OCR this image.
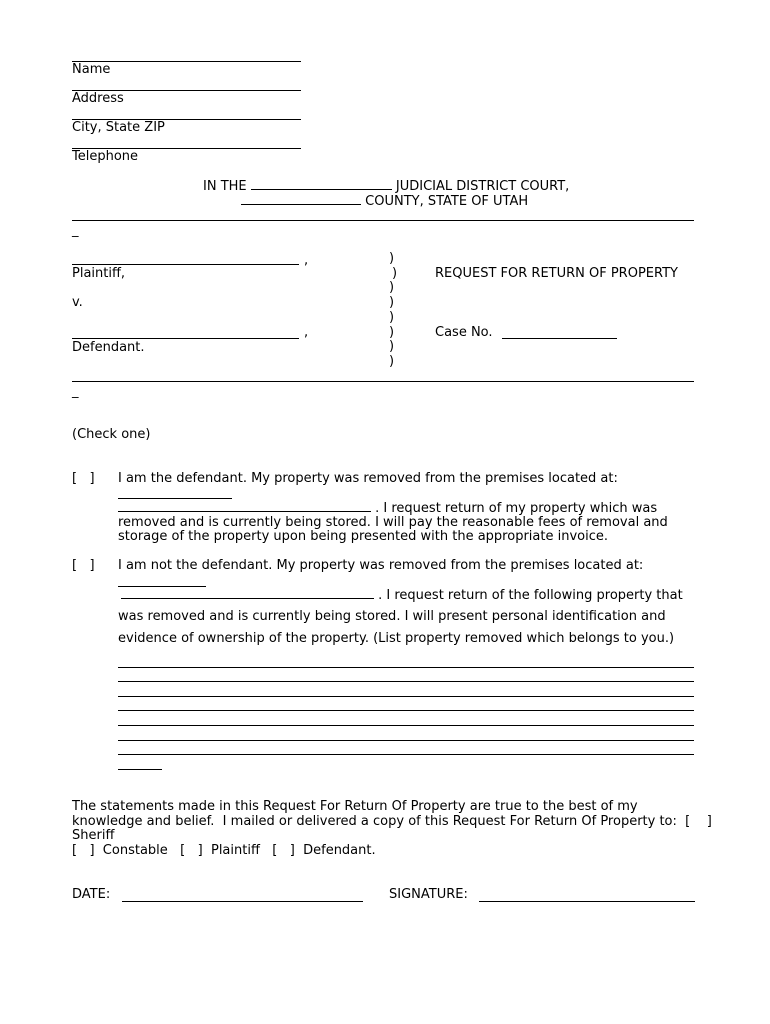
Name
Address
City, State ZIP
Telephone
IN THE	JUDICIAL DISTRICT COURT,
COUNTY, STATE OF UTAH
_
,
Plaintiff,
v.
,
Defendant.
)
)
)
)
)
)
)
)
REQUEST FOR RETURN OF PROPERTY
Case No.
_
(Check one)
[   ] I am the defendant. My property was removed from the premises located at:
. I request return of my property which was
removed and is currently being stored. I will pay the reasonable fees of removal and
storage of the property upon being presented with the appropriate invoice.
[   ] I am not the defendant. My property was removed from the premises located at:
. I request return of the following property that
was removed and is currently being stored. I will present personal identification and
evidence of ownership of the property. (List property removed which belongs to you.)
The statements made in this Request For Return Of Property are true to the best of my
knowledge and belief.  I mailed or delivered a copy of this Request For Return Of Property to:  [    ]
Sheriff
[   ]  Constable   [   ]  Plaintiff   [   ]  Defendant.
DATE:	SIGNATURE:
